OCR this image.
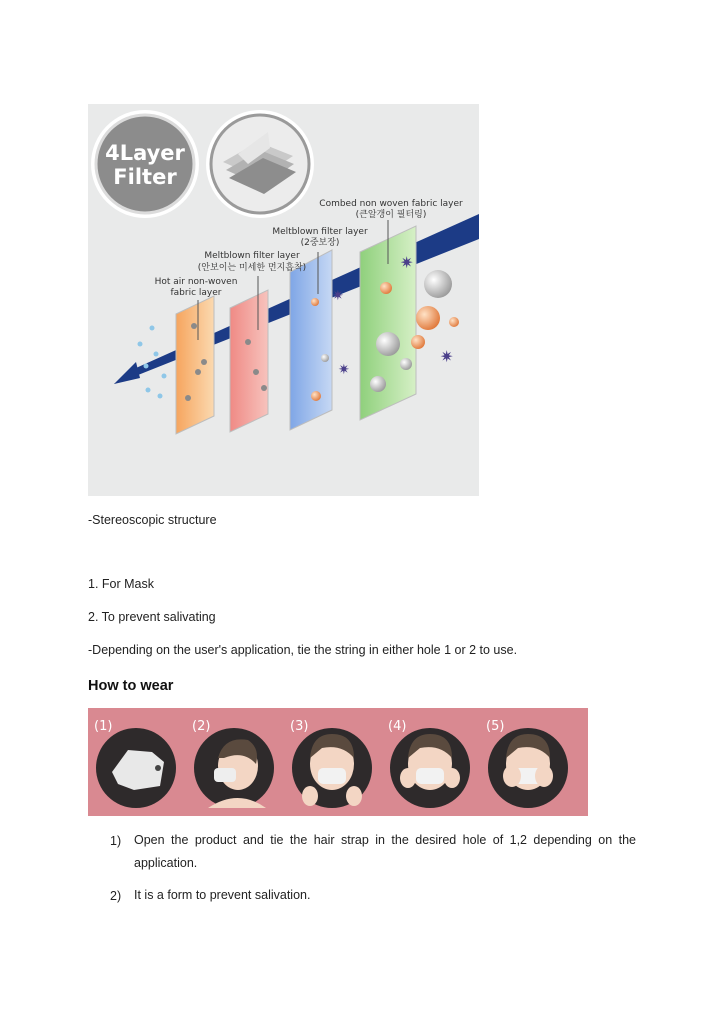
4Layer
Filter
✷
✷
✷
✷
Combed non woven fabric layer
(큰알갱이 필터링)
Meltblown filter layer
(2중보장)
Meltblown filter layer
(안보이는 미세한 먼지흡착)
Hot air non-woven
fabric layer
-Stereoscopic structure
1. For Mask
2. To prevent salivating
-Depending on the user's application, tie the string in either hole 1 or 2 to use.
How to wear
(1)	(2)	(3)	(4)	(5)
1) Open the product and tie the hair strap in the desired hole of 1,2 depending on the
application.
2) It is a form to prevent salivation.
